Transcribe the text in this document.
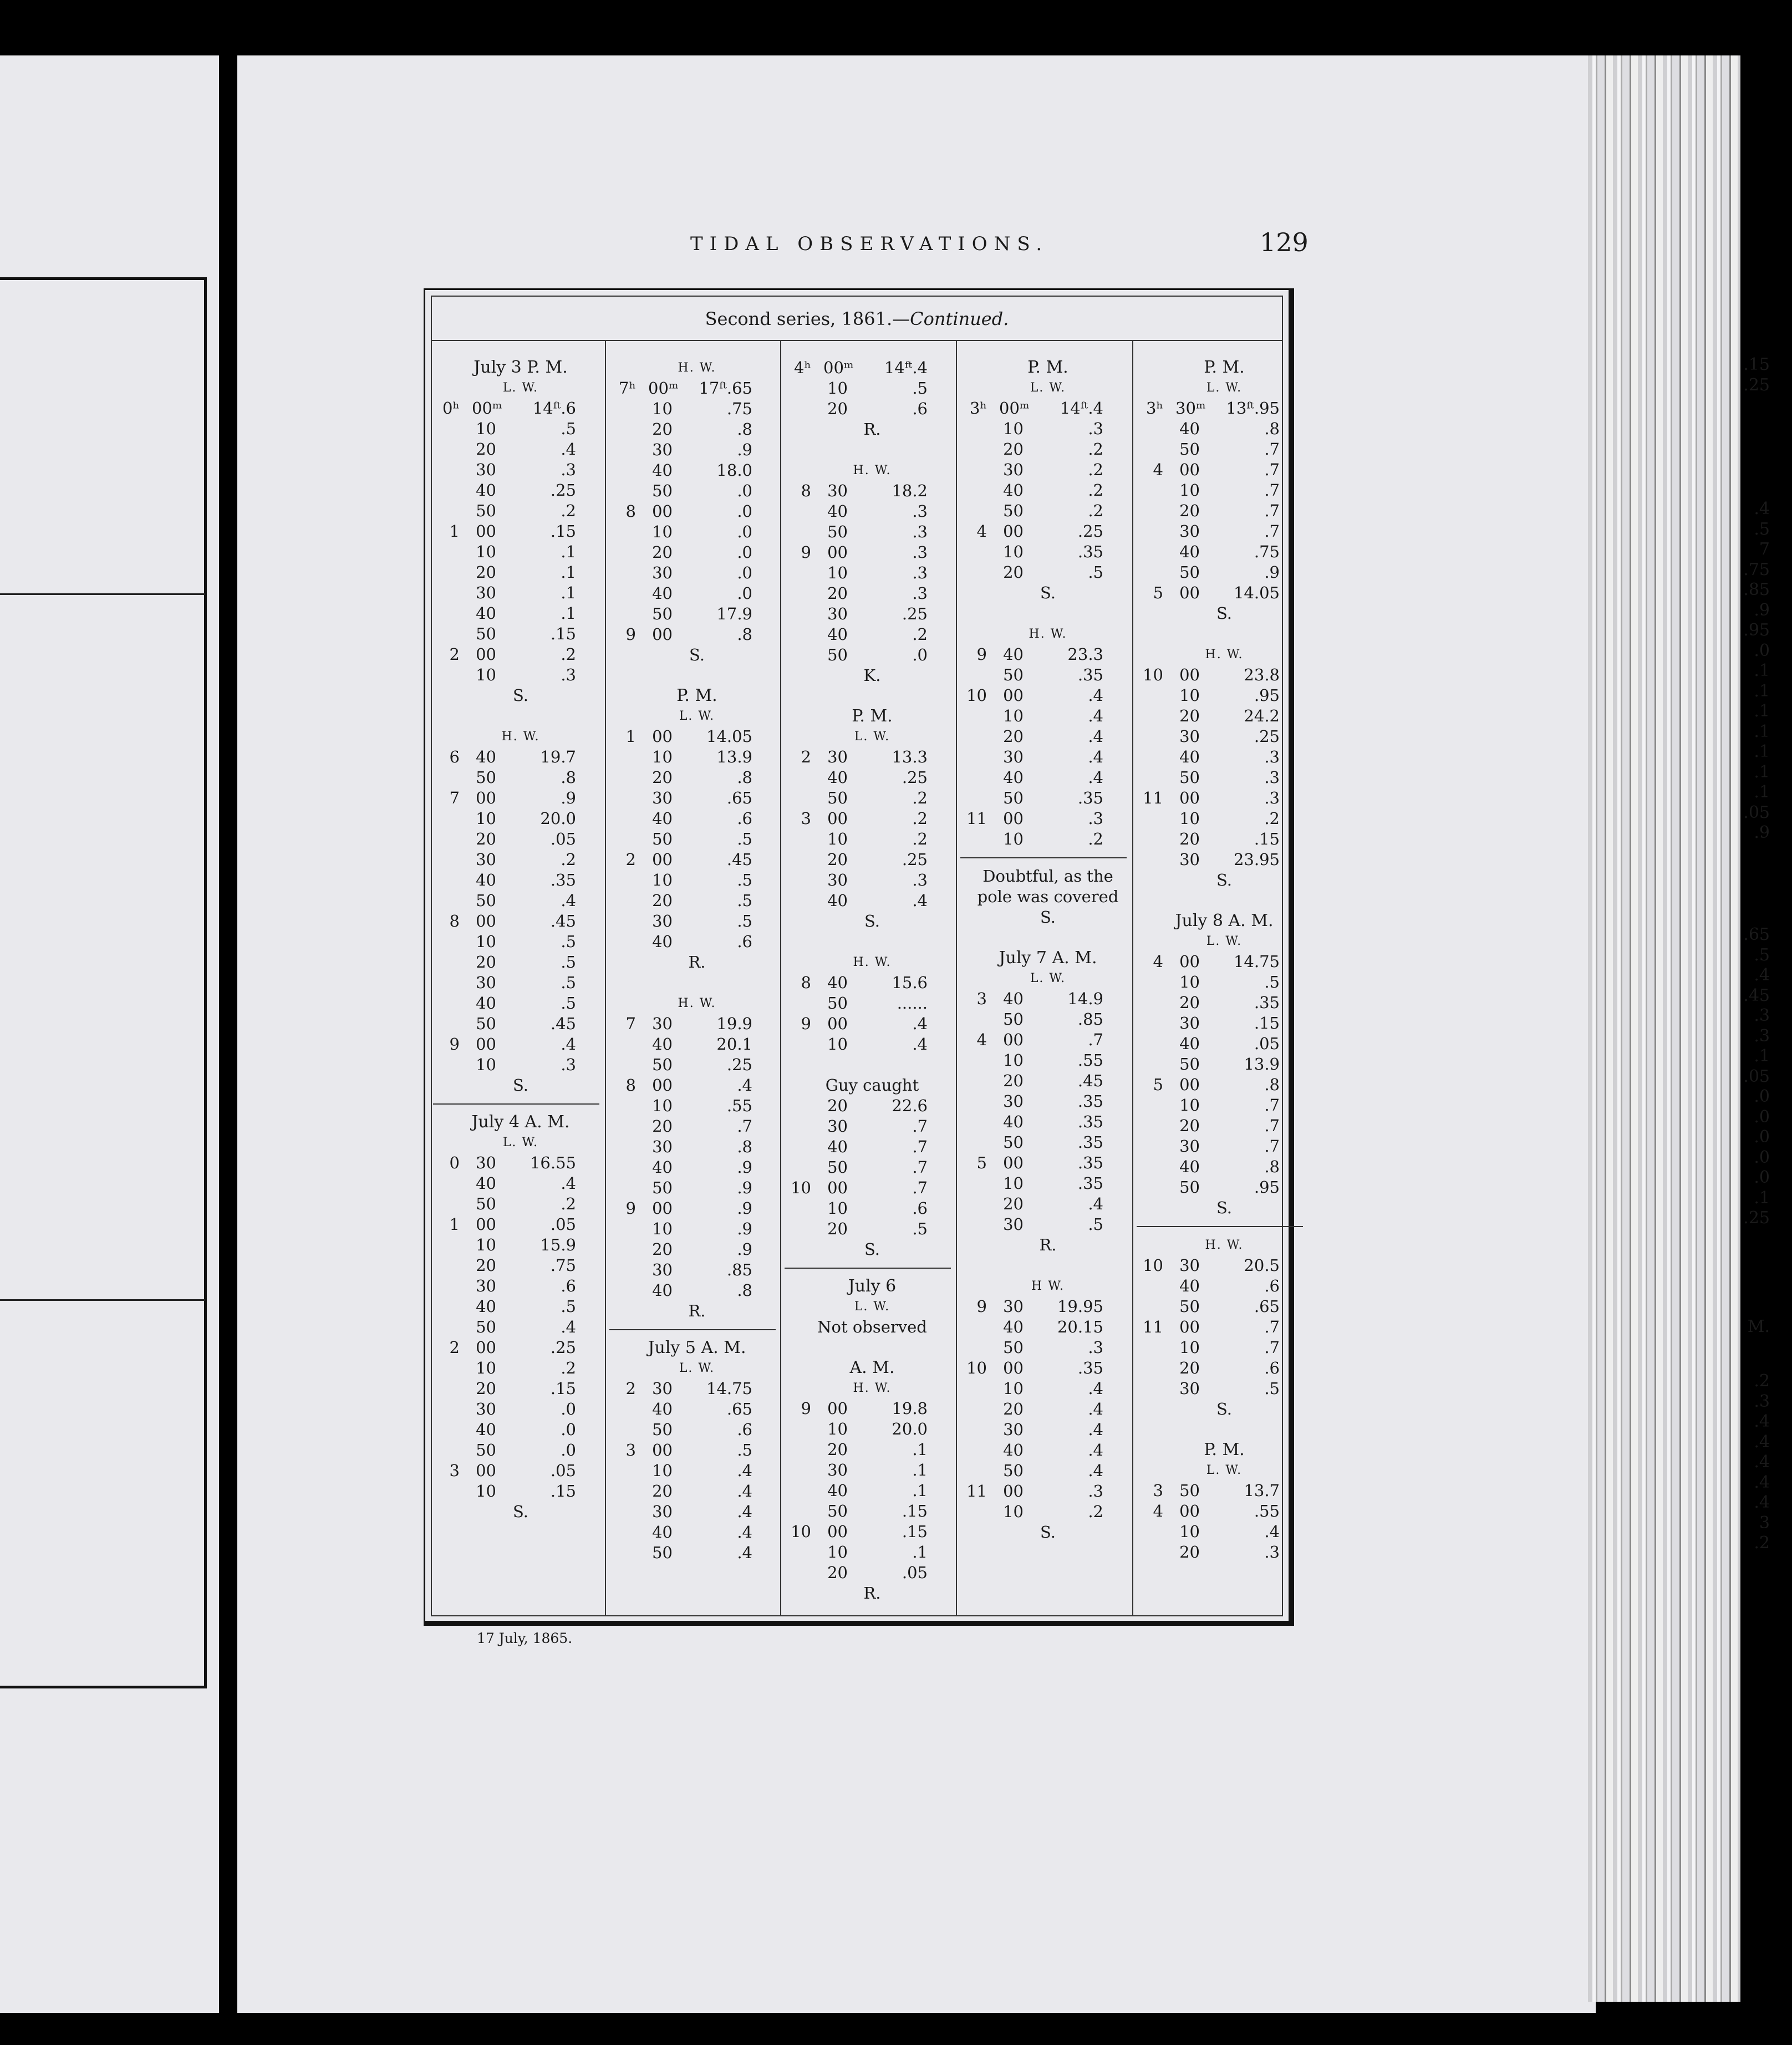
.15
.25
.4
.5
7
.75
.85
.9
.95
.0
.1
.1
.1
.1
.1
.1
.1
.05
.9
.65
.5
.4
.45
.3
.3
.1
.05
.0
.0
.0
.0
.0
.1
.25
M.
.2
.3
.4
.4
.4
.4
.4
3
.2
TIDAL OBSERVATIONS.	129
Second series, 1861.—Continued.
July 3 P. M.
L. W.
0ʰ 00ᵐ	14ᶠᵗ.6
10	.5
20	.4
30	.3
40	.25
50	.2
1 00	.15
10	.1
20	.1
30	.1
40	.1
50	.15
2 00	.2
10	.3
S.
H. W.
6 40	19.7
50	.8
7 00	.9
10	20.0
20	.05
30	.2
40	.35
50	.4
8 00	.45
10	.5
20	.5
30	.5
40	.5
50	.45
9 00	.4
10	.3
S.
July 4 A. M.
L. W.
0 30	16.55
40	.4
50	.2
1 00	.05
10	15.9
20	.75
30	.6
40	.5
50	.4
2 00	.25
10	.2
20	.15
30	.0
40	.0
50	.0
3 00	.05
10	.15
S.
H. W.
7ʰ 00ᵐ	17ᶠᵗ.65
10	.75
20	.8
30	.9
40	18.0
50	.0
8 00	.0
10	.0
20	.0
30	.0
40	.0
50	17.9
9 00	.8
S.
P. M.
L. W.
1 00	14.05
10	13.9
20	.8
30	.65
40	.6
50	.5
2 00	.45
10	.5
20	.5
30	.5
40	.6
R.
H. W.
7 30	19.9
40	20.1
50	.25
8 00	.4
10	.55
20	.7
30	.8
40	.9
50	.9
9 00	.9
10	.9
20	.9
30	.85
40	.8
R.
July 5 A. M.
L. W.
2 30	14.75
40	.65
50	.6
3 00	.5
10	.4
20	.4
30	.4
40	.4
50	.4
4ʰ 00ᵐ	14ᶠᵗ.4
10	.5
20	.6
R.
H. W.
8 30	18.2
40	.3
50	.3
9 00	.3
10	.3
20	.3
30	.25
40	.2
50	.0
K.
P. M.
L. W.
2 30	13.3
40	.25
50	.2
3 00	.2
10	.2
20	.25
30	.3
40	.4
S.
H. W.
8 40	15.6
50	......
9 00	.4
10	.4
Guy caught
20	22.6
30	.7
40	.7
50	.7
10 00	.7
10	.6
20	.5
S.
July 6
L. W.
Not observed
A. M.
H. W.
9 00	19.8
10	20.0
20	.1
30	.1
40	.1
50	.15
10 00	.15
10	.1
20	.05
R.
P. M.
L. W.
3ʰ 00ᵐ	14ᶠᵗ.4
10	.3
20	.2
30	.2
40	.2
50	.2
4 00	.25
10	.35
20	.5
S.
H. W.
9 40	23.3
50	.35
10 00	.4
10	.4
20	.4
30	.4
40	.4
50	.35
11 00	.3
10	.2
Doubtful, as the pole was covered
S.
July 7 A. M.
L. W.
3 40	14.9
50	.85
4 00	.7
10	.55
20	.45
30	.35
40	.35
50	.35
5 00	.35
10	.35
20	.4
30	.5
R.
H W.
9 30	19.95
40	20.15
50	.3
10 00	.35
10	.4
20	.4
30	.4
40	.4
50	.4
11 00	.3
10	.2
S.
P. M.
L. W.
3ʰ 30ᵐ	13ᶠᵗ.95
40	.8
50	.7
4 00	.7
10	.7
20	.7
30	.7
40	.75
50	.9
5 00	14.05
S.
H. W.
10 00	23.8
10	.95
20	24.2
30	.25
40	.3
50	.3
11 00	.3
10	.2
20	.15
30	23.95
S.
July 8 A. M.
L. W.
4 00	14.75
10	.5
20	.35
30	.15
40	.05
50	13.9
5 00	.8
10	.7
20	.7
30	.7
40	.8
50	.95
S.
H. W.
10 30	20.5
40	.6
50	.65
11 00	.7
10	.7
20	.6
30	.5
S.
P. M.
L. W.
3 50	13.7
4 00	.55
10	.4
20	.3
17 July, 1865.
